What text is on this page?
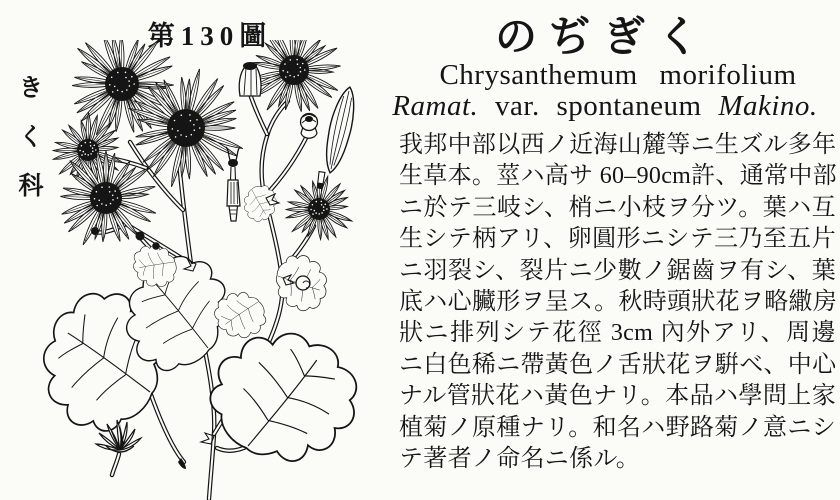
第130圖
きく科
のぢぎく
Chrysanthemum morifolium
Ramat. var. spontaneum Makino.
我邦中部以西ノ近海山麓等ニ生ズル多年
生草本。莖ハ高サ 60–90cm許、通常中部
ニ於テ三岐シ、梢ニ小枝ヲ分ツ。葉ハ互
生シテ柄アリ、卵圓形ニシテ三乃至五片
ニ羽裂シ、裂片ニ少數ノ鋸齒ヲ有シ、葉
底ハ心臟形ヲ呈ス。秋時頭狀花ヲ略繖房
狀ニ排列シテ花徑 3cm 內外アリ、周邊
ニ白色稀ニ帶黃色ノ舌狀花ヲ騈ベ、中心
ナル管狀花ハ黃色ナリ。本品ハ學問上家
植菊ノ原種ナリ。和名ハ野路菊ノ意ニシ
テ著者ノ命名ニ係ル。
